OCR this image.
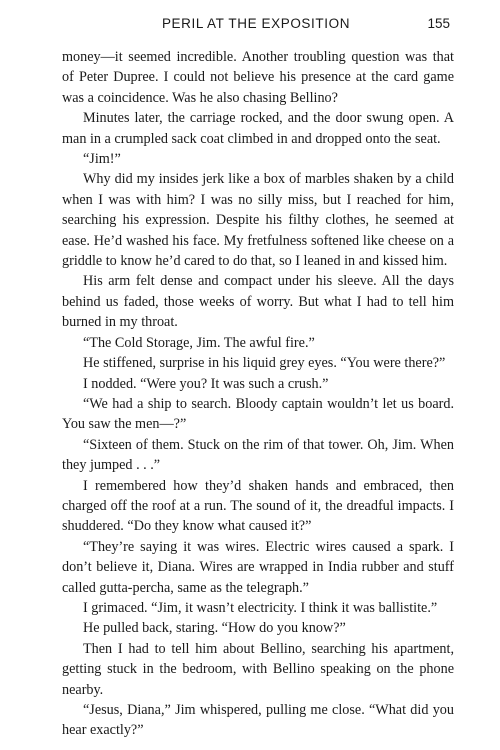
PERIL AT THE EXPOSITION	155

money—it seemed incredible. Another troubling question was that of Peter Dupree. I could not believe his presence at the card game was a coincidence. Was he also chasing Bellino?

Minutes later, the carriage rocked, and the door swung open. A man in a crumpled sack coat climbed in and dropped onto the seat.

“Jim!”

Why did my insides jerk like a box of marbles shaken by a child when I was with him? I was no silly miss, but I reached for him, searching his expression. Despite his filthy clothes, he seemed at ease. He’d washed his face. My fretfulness softened like cheese on a griddle to know he’d cared to do that, so I leaned in and kissed him.

His arm felt dense and compact under his sleeve. All the days behind us faded, those weeks of worry. But what I had to tell him burned in my throat.

“The Cold Storage, Jim. The awful fire.”

He stiffened, surprise in his liquid grey eyes. “You were there?”

I nodded. “Were you? It was such a crush.”

“We had a ship to search. Bloody captain wouldn’t let us board. You saw the men—?”

“Sixteen of them. Stuck on the rim of that tower. Oh, Jim. When they jumped . . .”

I remembered how they’d shaken hands and embraced, then charged off the roof at a run. The sound of it, the dreadful impacts. I shuddered. “Do they know what caused it?”

“They’re saying it was wires. Electric wires caused a spark. I don’t believe it, Diana. Wires are wrapped in India rubber and stuff called gutta-percha, same as the telegraph.”

I grimaced. “Jim, it wasn’t electricity. I think it was ballistite.”

He pulled back, staring. “How do you know?”

Then I had to tell him about Bellino, searching his apartment, getting stuck in the bedroom, with Bellino speaking on the phone nearby.

“Jesus, Diana,” Jim whispered, pulling me close. “What did you hear exactly?”
